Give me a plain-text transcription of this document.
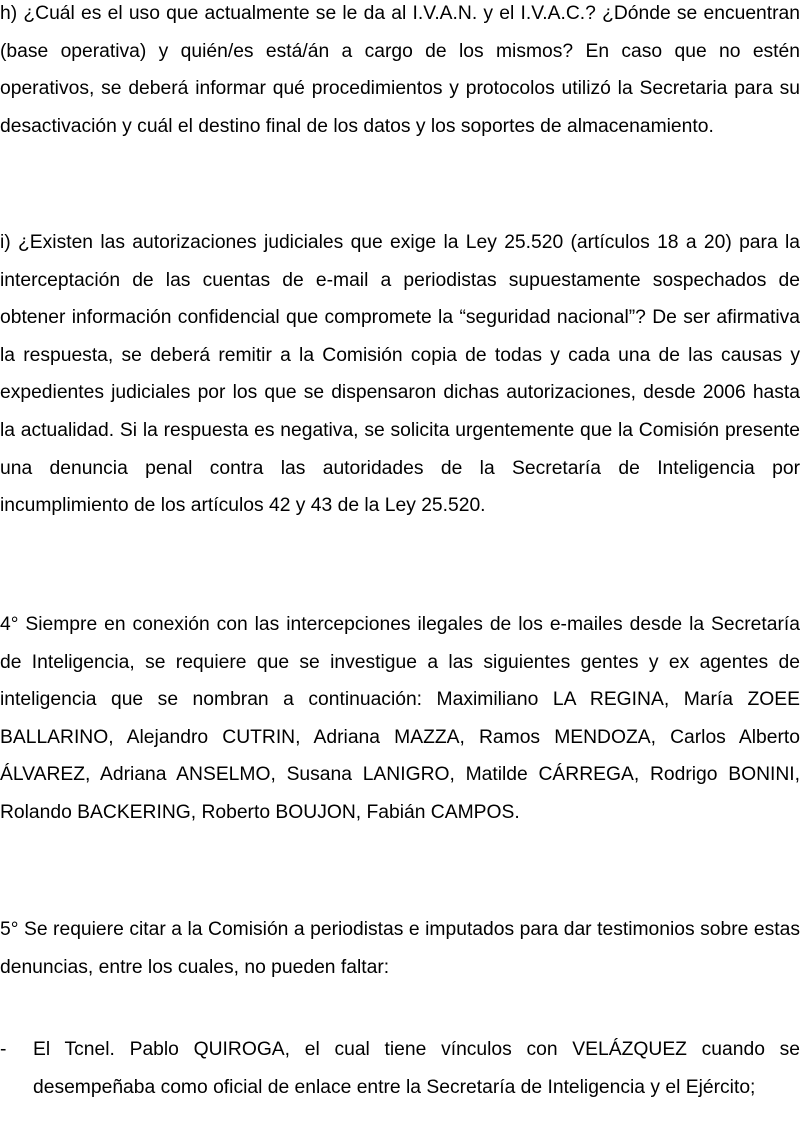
h) ¿Cuál es el uso que actualmente se le da al I.V.A.N. y el I.V.A.C.? ¿Dónde se encuentran (base operativa) y quién/es está/án a cargo de los mismos? En caso que no estén operativos, se deberá informar qué procedimientos y protocolos utilizó la Secretaria para su desactivación y cuál el destino final de los datos y los soportes de almacenamiento.

i) ¿Existen las autorizaciones judiciales que exige la Ley 25.520 (artículos 18 a 20) para la interceptación de las cuentas de e-mail a periodistas supuestamente sospechados de obtener información confidencial que compromete la “seguridad nacional”? De ser afirmativa la respuesta, se deberá remitir a la Comisión copia de todas y cada una de las causas y expedientes judiciales por los que se dispensaron dichas autorizaciones, desde 2006 hasta la actualidad. Si la respuesta es negativa, se solicita urgentemente que la Comisión presente una denuncia penal contra las autoridades de la Secretaría de Inteligencia por incumplimiento de los artículos 42 y 43 de la Ley 25.520.

4° Siempre en conexión con las intercepciones ilegales de los e-mailes desde la Secretaría de Inteligencia, se requiere que se investigue a las siguientes gentes y ex agentes de inteligencia que se nombran a continuación: Maximiliano LA REGINA, María ZOEE BALLARINO, Alejandro CUTRIN, Adriana MAZZA, Ramos MENDOZA, Carlos Alberto ÁLVAREZ, Adriana ANSELMO, Susana LANIGRO, Matilde CÁRREGA, Rodrigo BONINI, Rolando BACKERING, Roberto BOUJON, Fabián CAMPOS.

5° Se requiere citar a la Comisión a periodistas e imputados para dar testimonios sobre estas denuncias, entre los cuales, no pueden faltar:

-	El Tcnel. Pablo QUIROGA, el cual tiene vínculos con VELÁZQUEZ cuando se desempeñaba como oficial de enlace entre la Secretaría de Inteligencia y el Ejército;
